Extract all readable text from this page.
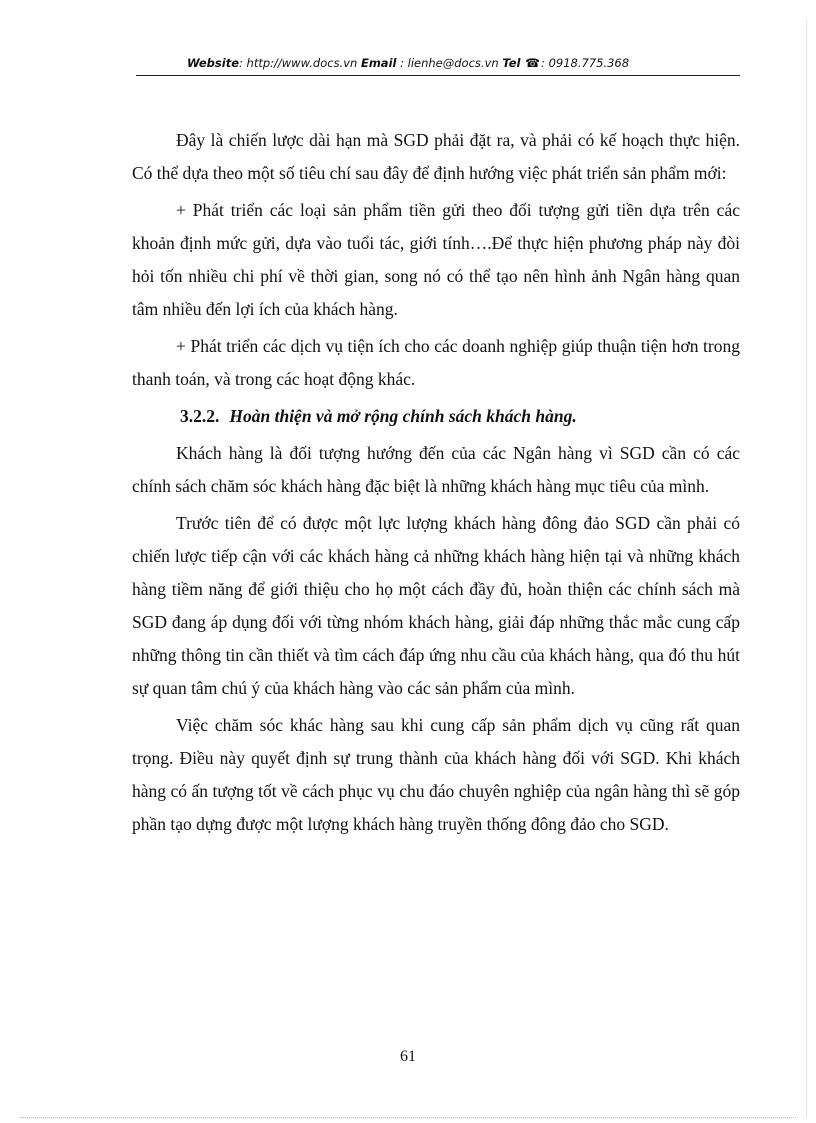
Website: http://www.docs.vn Email : lienhe@docs.vn Tel ☎: 0918.775.368

Đây là chiến lược dài hạn mà SGD phải đặt ra, và phải có kế hoạch thực hiện. Có thể dựa theo một số tiêu chí sau đây để định hướng việc phát triển sản phẩm mới:

+ Phát triển các loại sản phẩm tiền gửi theo đối tượng gửi tiền dựa trên các khoản định mức gửi, dựa vào tuổi tác, giới tính….Để thực hiện phương pháp này đòi hỏi tốn nhiều chi phí về thời gian, song nó có thể tạo nên hình ảnh Ngân hàng quan tâm nhiều đến lợi ích của khách hàng.

+ Phát triển các dịch vụ tiện ích cho các doanh nghiệp giúp thuận tiện hơn trong thanh toán, và trong các hoạt động khác.

3.2.2. Hoàn thiện và mở rộng chính sách khách hàng.

Khách hàng là đối tượng hướng đến của các Ngân hàng vì SGD cần có các chính sách chăm sóc khách hàng đặc biệt là những khách hàng mục tiêu của mình.

Trước tiên để có được một lực lượng khách hàng đông đảo SGD cần phải có chiến lược tiếp cận với các khách hàng cả những khách hàng hiện tại và những khách hàng tiềm năng để giới thiệu cho họ một cách đầy đủ, hoàn thiện các chính sách mà SGD đang áp dụng đối với từng nhóm khách hàng, giải đáp những thắc mắc cung cấp những thông tin cần thiết và tìm cách đáp ứng nhu cầu của khách hàng, qua đó thu hút sự quan tâm chú ý của khách hàng vào các sản phẩm của mình.

Việc chăm sóc khác hàng sau khi cung cấp sản phẩm dịch vụ cũng rất quan trọng. Điều này quyết định sự trung thành của khách hàng đối với SGD. Khi khách hàng có ấn tượng tốt về cách phục vụ chu đáo chuyên nghiệp của ngân hàng thì sẽ góp phần tạo dựng được một lượng khách hàng truyền thống đông đảo cho SGD.

61
